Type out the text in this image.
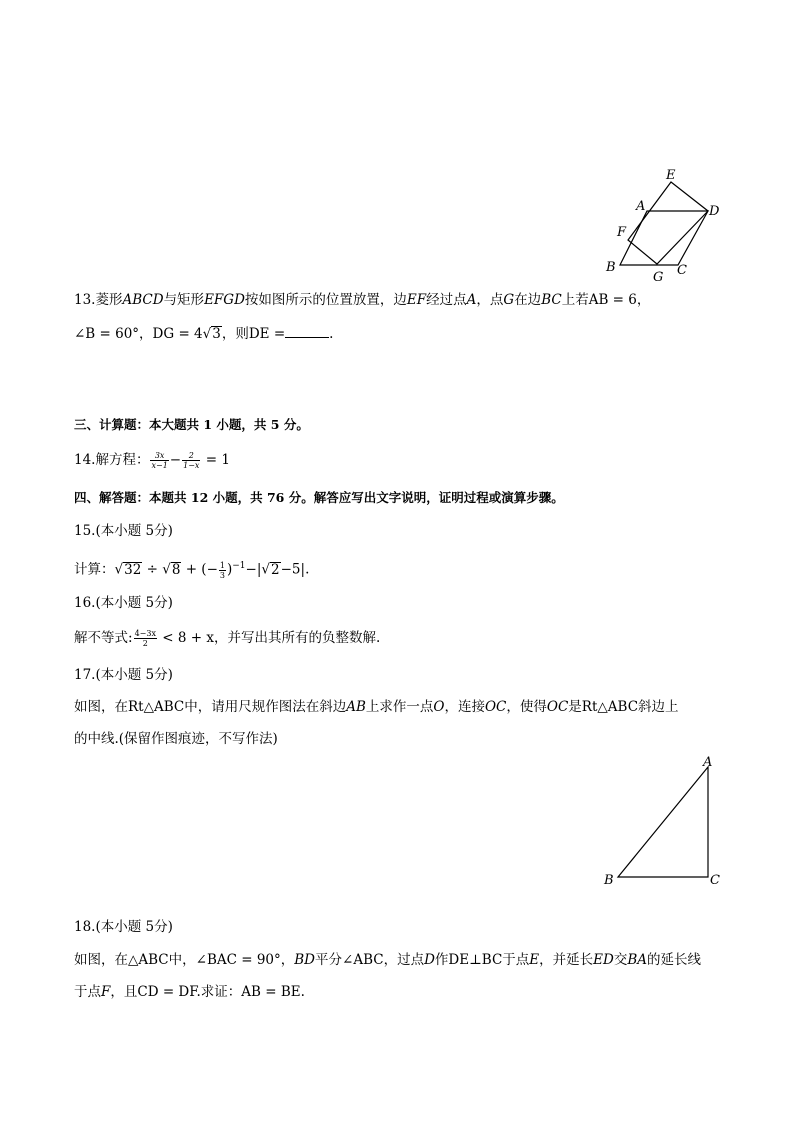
E
A	D
F
B
G C
13.菱形ABCD与矩形EFGD按如图所示的位置放置，边EF经过点A，点G在边BC上若AB = 6，
∠B = 60°，DG = 4√3，则DE =	.
三、计算题：本大题共 1 小题，共 5 分。
14.解方程： $\frac{3x}{x-1} - \frac{2}{1-x} = 1$
四、解答题：本题共 12 小题，共 76 分。解答应写出文字说明，证明过程或演算步骤。
15.(本小题 5分)
计算：√32 ÷ √8 + (− $\frac{1}{3} )^{-1}-|√2-5|$.
16.(本小题 5分)
解不等式: $\frac{4-3x}{2} < 8 + x$，并写出其所有的负整数解.
17.(本小题 5分)
如图，在Rt△ABC中，请用尺规作图法在斜边AB上求作一点O，连接OC，使得OC是Rt△ABC斜边上
的中线.(保留作图痕迹，不写作法)
A
B	C
18.(本小题 5分)
如图，在△ABC中，∠BAC = 90°，BD平分∠ABC，过点D作DE⊥BC于点E，并延长ED交BA的延长线
于点F，且CD = DF.求证：AB = BE.
